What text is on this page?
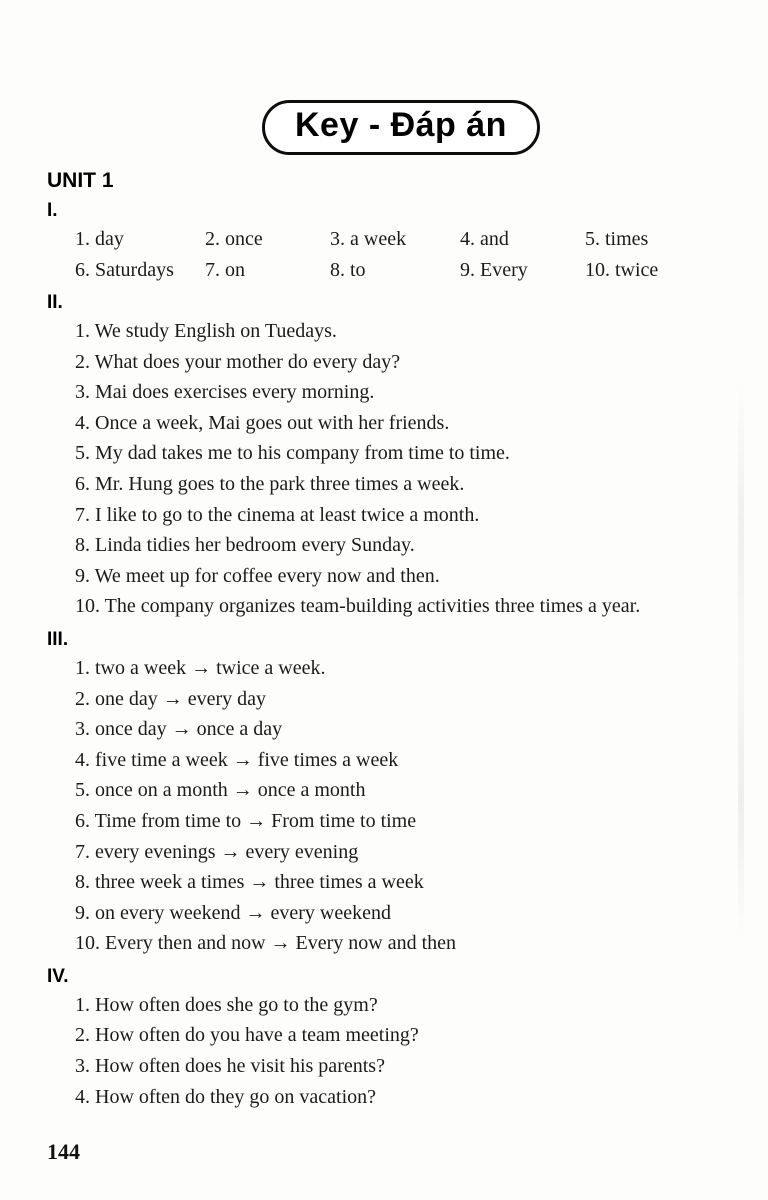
Key - Đáp án
UNIT 1
I.
1. day	2. once	3. a week	4. and	5. times
6. Saturdays	7. on	8. to	9. Every	10. twice
II.
1. We study English on Tuedays.
2. What does your mother do every day?
3. Mai does exercises every morning.
4. Once a week, Mai goes out with her friends.
5. My dad takes me to his company from time to time.
6. Mr. Hung goes to the park three times a week.
7. I like to go to the cinema at least twice a month.
8. Linda tidies her bedroom every Sunday.
9. We meet up for coffee every now and then.
10. The company organizes team-building activities three times a year.
III.
1. two a week → twice a week.
2. one day → every day
3. once day → once a day
4. five time a week → five times a week
5. once on a month → once a month
6. Time from time to → From time to time
7. every evenings → every evening
8. three week a times → three times a week
9. on every weekend → every weekend
10. Every then and now → Every now and then
IV.
1. How often does she go to the gym?
2. How often do you have a team meeting?
3. How often does he visit his parents?
4. How often do they go on vacation?
144
